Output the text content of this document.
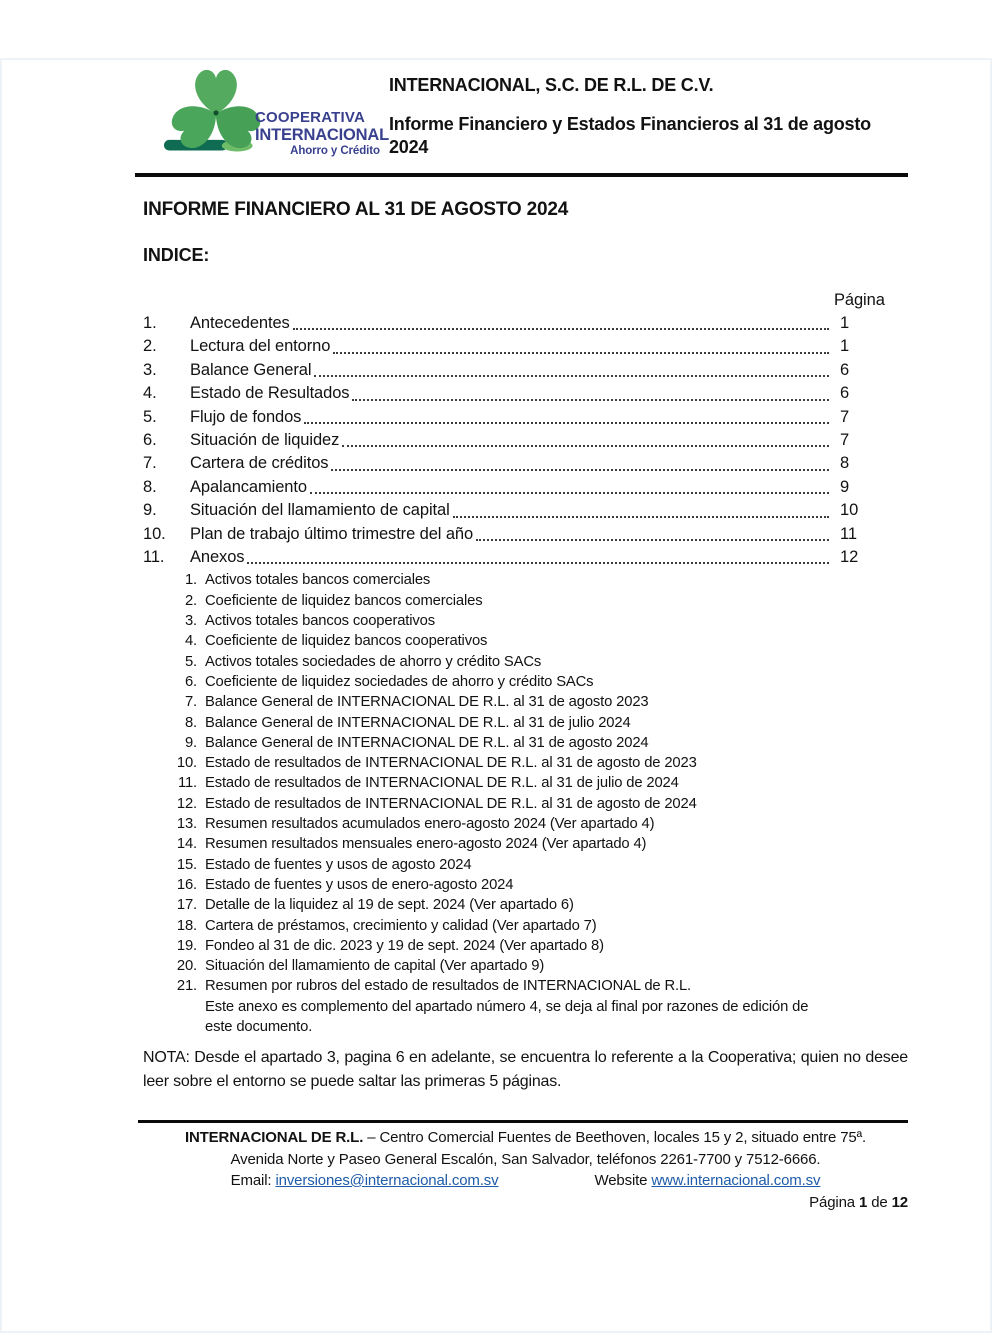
COOPERATIVA
INTERNACIONAL
Ahorro y Crédito
INTERNACIONAL, S.C. DE R.L. DE C.V.
Informe Financiero y Estados Financieros al 31 de agosto 2024
INFORME FINANCIERO AL 31 DE AGOSTO 2024
INDICE:
Página
1.	Antecedentes	1
2.	Lectura del entorno	1
3.	Balance General	6
4.	Estado de Resultados	6
5.	Flujo de fondos	7
6.	Situación de liquidez	7
7.	Cartera de créditos	8
8.	Apalancamiento	9
9.	Situación del llamamiento de capital	10
10.	Plan de trabajo último trimestre del año	11
11.	Anexos	12
1. Activos totales bancos comerciales
2. Coeficiente de liquidez bancos comerciales
3. Activos totales bancos cooperativos
4. Coeficiente de liquidez bancos cooperativos
5. Activos totales sociedades de ahorro y crédito SACs
6. Coeficiente de liquidez sociedades de ahorro y crédito SACs
7. Balance General de INTERNACIONAL DE R.L. al 31 de agosto 2023
8. Balance General de INTERNACIONAL DE R.L. al 31 de julio 2024
9. Balance General de INTERNACIONAL DE R.L. al 31 de agosto 2024
10. Estado de resultados de INTERNACIONAL DE R.L. al 31 de agosto de 2023
11. Estado de resultados de INTERNACIONAL DE R.L. al 31 de julio de 2024
12. Estado de resultados de INTERNACIONAL DE R.L. al 31 de agosto de 2024
13. Resumen resultados acumulados enero-agosto 2024 (Ver apartado 4)
14. Resumen resultados mensuales enero-agosto 2024 (Ver apartado 4)
15. Estado de fuentes y usos de agosto 2024
16. Estado de fuentes y usos de enero-agosto 2024
17. Detalle de la liquidez al 19 de sept. 2024 (Ver apartado 6)
18. Cartera de préstamos, crecimiento y calidad (Ver apartado 7)
19. Fondeo al 31 de dic. 2023 y 19 de sept. 2024 (Ver apartado 8)
20. Situación del llamamiento de capital (Ver apartado 9)
21. Resumen por rubros del estado de resultados de INTERNACIONAL de R.L.
Este anexo es complemento del apartado número 4, se deja al final por razones de edición de este documento.

NOTA: Desde el apartado 3, pagina 6 en adelante, se encuentra lo referente a la Cooperativa; quien no desee leer sobre el entorno se puede saltar las primeras 5 páginas.

INTERNACIONAL DE R.L. – Centro Comercial Fuentes de Beethoven, locales 15 y 2, situado entre 75ª.
Avenida Norte y Paseo General Escalón, San Salvador, teléfonos 2261-7700 y 7512-6666.
Email: inversiones@internacional.com.sv	Website www.internacional.com.sv
Página 1 de 12
